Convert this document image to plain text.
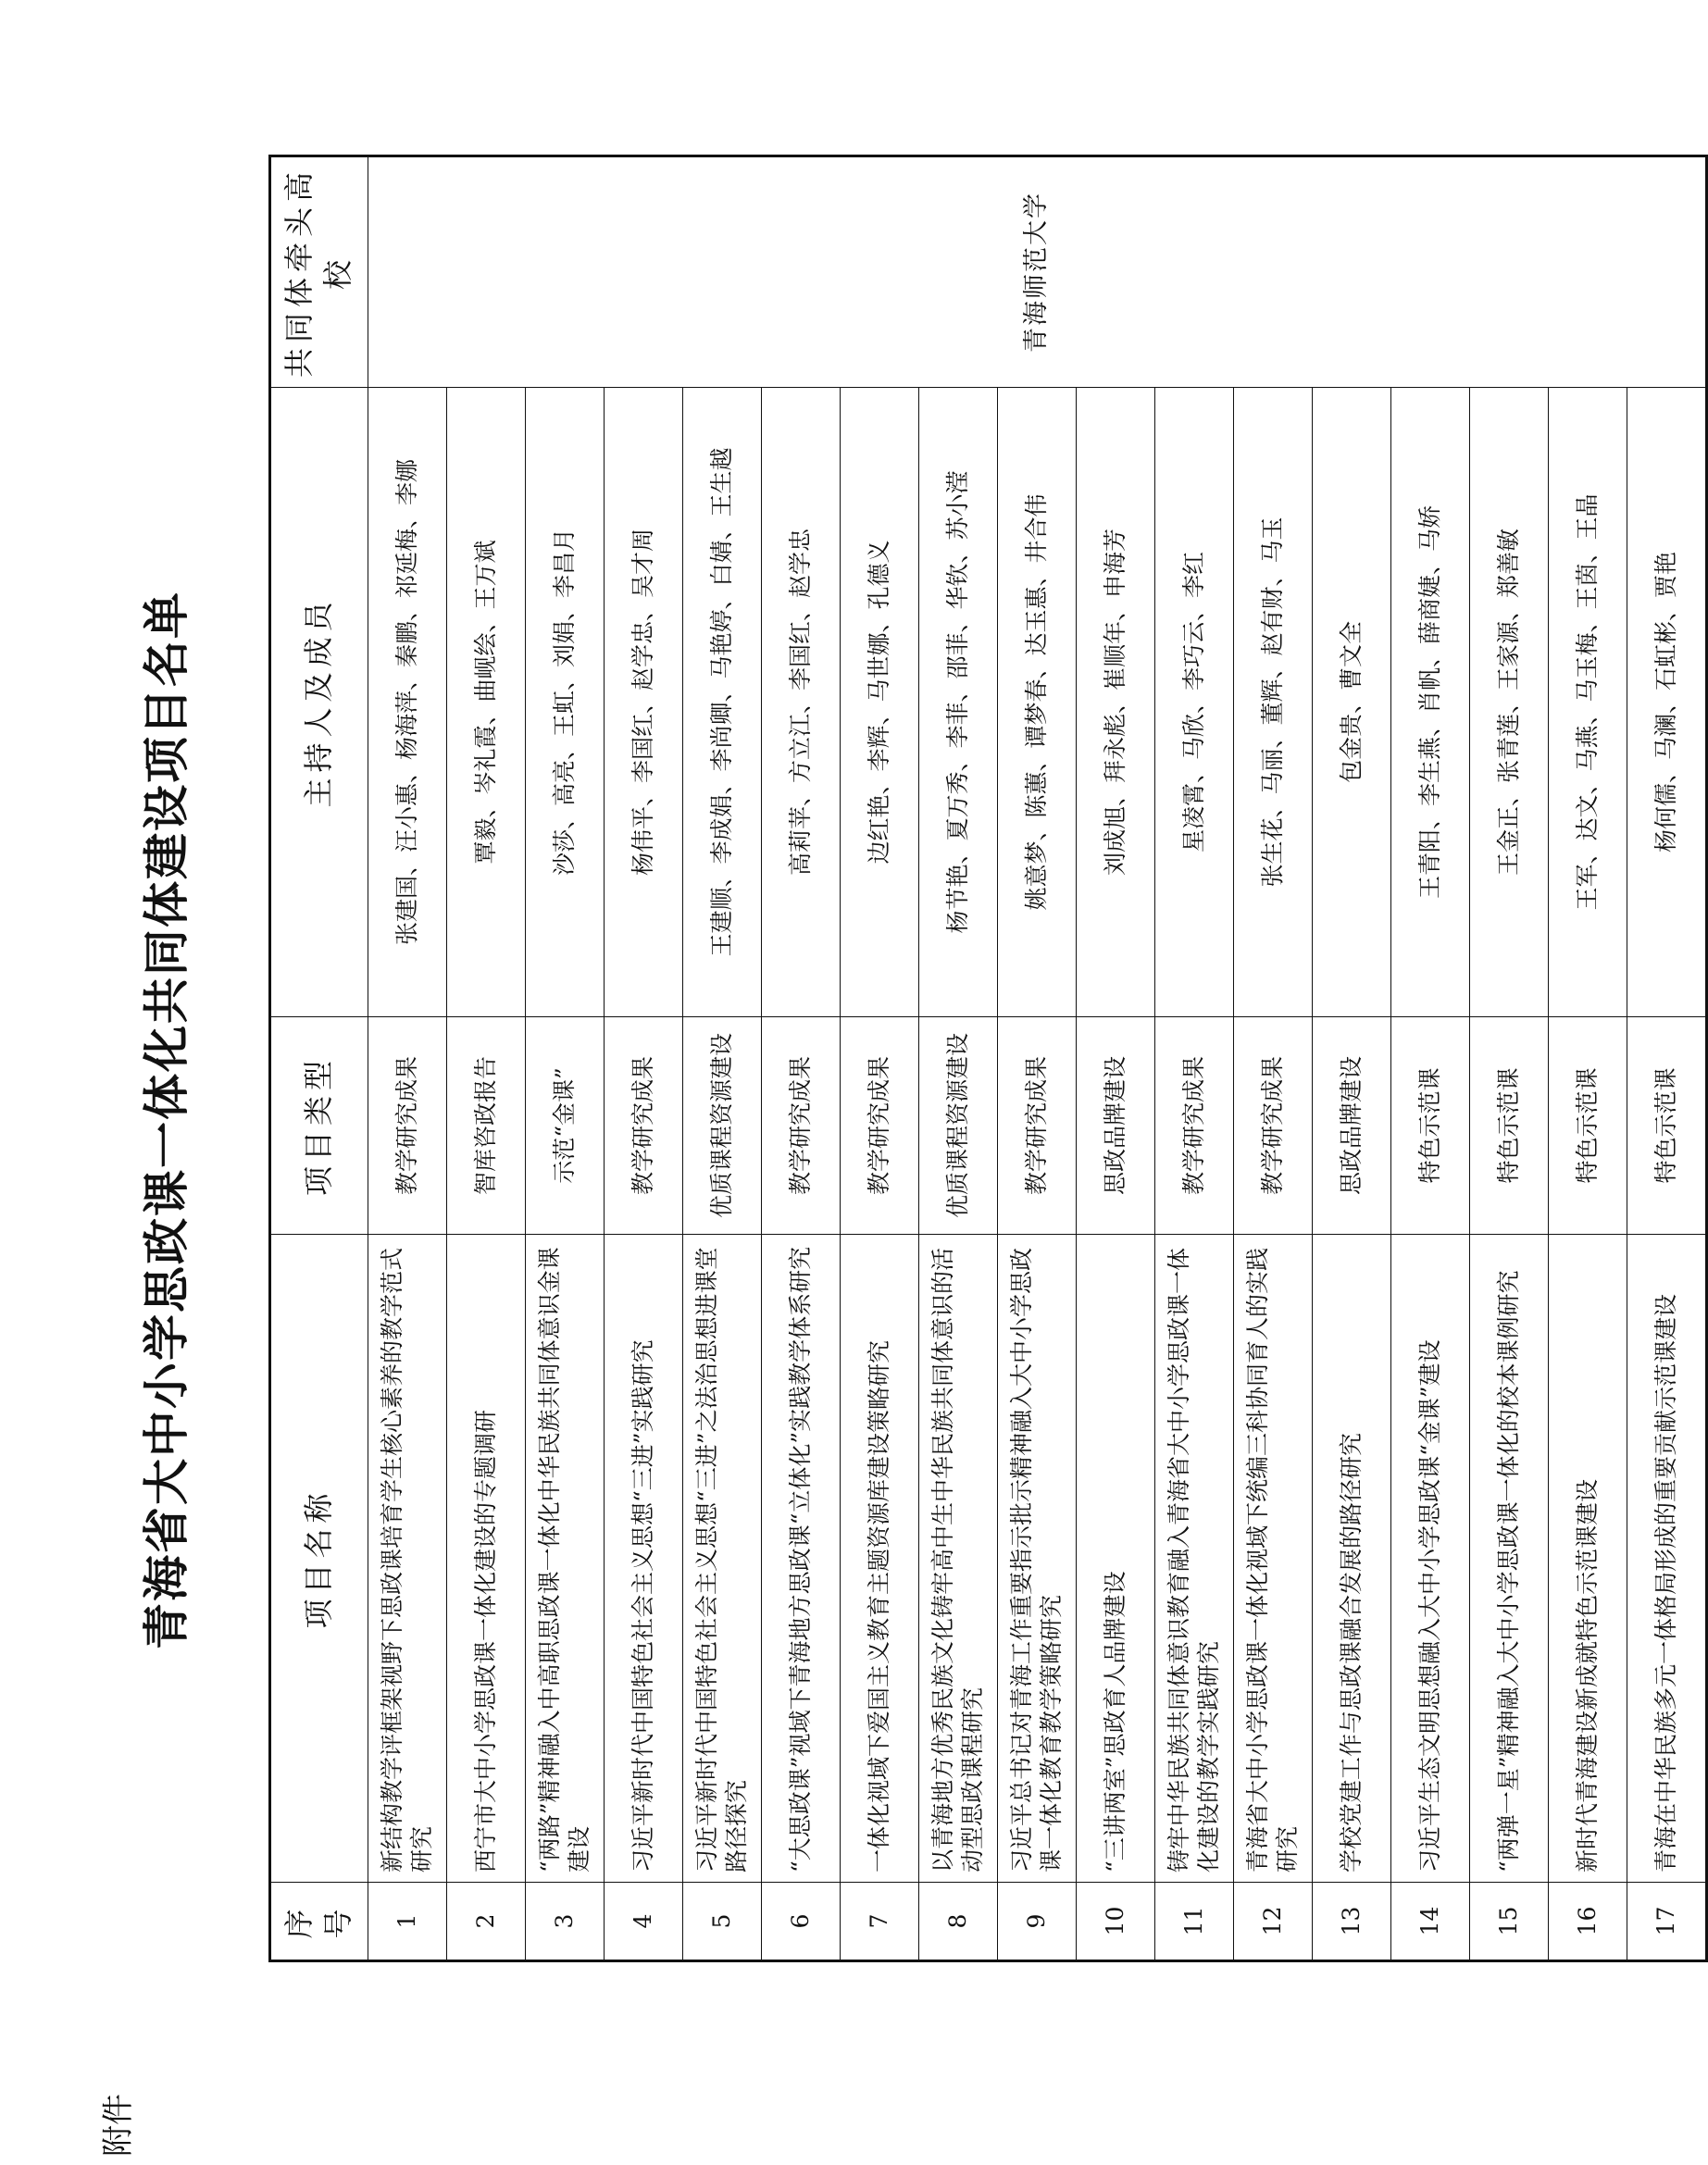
附件
青海省大中小学思政课一体化共同体建设项目名单
序号	项目名称	项目类型	主持人及成员	共同体牵头高校
1	新结构教学评框架视野下思政课培育学生核心素养的教学范式研究	教学研究成果	张建国、汪小惠、杨海萍、秦鹏、祁延梅、李娜	青海师范大学
2	西宁市大中小学思政课一体化建设的专题调研	智库咨政报告	覃毅、岑礼霞、曲岘绘、王万斌	
3	“两路”精神融入中高职思政课一体化中华民族共同体意识金课建设	示范“金课”	沙莎、高亮、王虹、刘娟、李昌月	
4	习近平新时代中国特色社会主义思想“三进”实践研究	教学研究成果	杨伟平、李国红、赵学忠、吴才周	
5	习近平新时代中国特色社会主义思想“三进”之法治思想进课堂路径探究	优质课程资源建设	王建顺、李成娟、李尚卿、马艳婷、白婧、王生越	
6	“大思政课”视域下青海地方思政课“立体化”实践教学体系研究	教学研究成果	高莉苹、方立江、李国红、赵学忠	
7	一体化视域下爱国主义教育主题资源库建设策略研究	教学研究成果	边红艳、李辉、马世娜、孔德义	
8	以青海地方优秀民族文化铸牢高中生中华民族共同体意识的活动型思政课程研究	优质课程资源建设	杨节艳、夏万秀、李菲、邵菲、华钦、苏小滢	
9	习近平总书记对青海工作重要指示批示精神融入大中小学思政课一体化教育教学策略研究	教学研究成果	姚意梦、陈蕙、谭梦春、达玉惠、井合伟	
10	“三讲两室”思政育人品牌建设	思政品牌建设	刘成旭、拜永彪、崔顺年、申海芳	
11	铸牢中华民族共同体意识教育融入青海省大中小学思政课一体化建设的教学实践研究	教学研究成果	星凌霄、马欣、李巧云、李红	
12	青海省大中小学思政课一体化视域下统编三科协同育人的实践研究	教学研究成果	张生花、马丽、董辉、赵有财、马玉	
13	学校党建工作与思政课融合发展的路径研究	思政品牌建设	包金贵、曹文全	
14	习近平生态文明思想融入大中小学思政课“金课”建设	特色示范课	王青阳、李生燕、肖帆、薛商婕、马娇	
15	“两弹一星”精神融入大中小学思政课一体化的校本课例研究	特色示范课	王金正、张青莲、王家源、郑善敏	
16	新时代青海建设新成就特色示范课建设	特色示范课	王军、达文、马燕、马玉梅、王茵、王晶	
17	青海在中华民族多元一体格局形成的重要贡献示范课建设	特色示范课	杨何儒、马澜、石虹彬、贾艳	
